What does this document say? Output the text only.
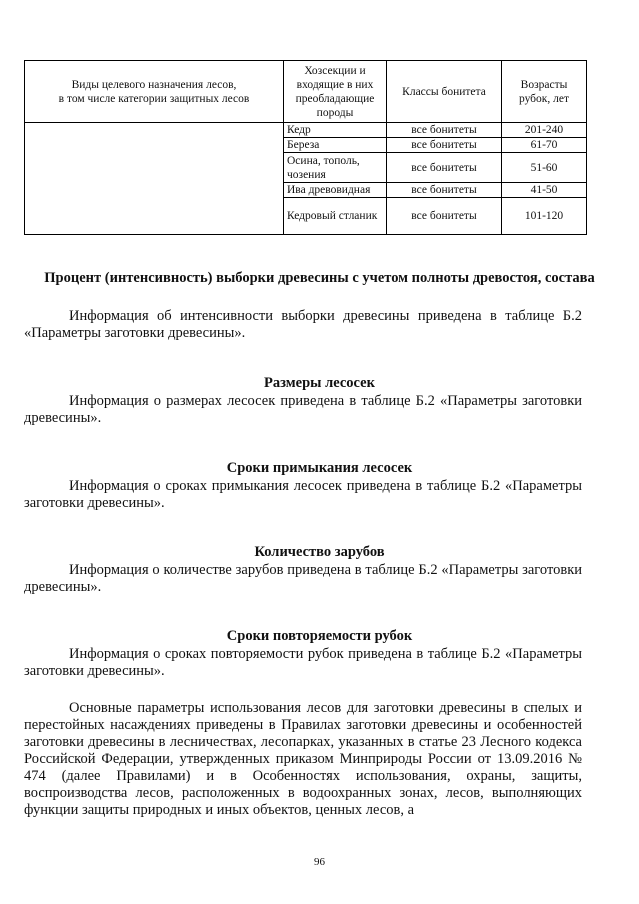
Виды целевого назначения лесов,
в том числе категории защитных лесов	Хозсекции и входящие в них преобладающие породы	Классы бонитета	Возрасты рубок, лет
	Кедр	все бонитеты	201-240
	Береза	все бонитеты	61-70
	Осина, тополь, чозения	все бонитеты	51-60
	Ива древовидная	все бонитеты	41-50
	Кедровый стланик	все бонитеты	101-120
Процент (интенсивность) выборки древесины с учетом полноты древостоя, состава

Информация об интенсивности выборки древесины приведена в таблице Б.2 «Параметры заготовки древесины».

Размеры лесосек

Информация о размерах лесосек приведена в таблице Б.2 «Параметры заготовки древесины».

Сроки примыкания лесосек

Информация о сроках примыкания лесосек приведена в таблице Б.2 «Параметры заготовки древесины».

Количество зарубов

Информация о количестве зарубов приведена в таблице Б.2 «Параметры заготовки древесины».

Сроки повторяемости рубок

Информация о сроках повторяемости рубок приведена в таблице Б.2 «Параметры заготовки древесины».

Основные параметры использования лесов для заготовки древесины в спелых и перестойных насаждениях приведены в Правилах заготовки древесины и особенностей заготовки древесины в лесничествах, лесопарках, указанных в статье 23 Лесного кодекса Российской Федерации, утвержденных приказом Минприроды России от 13.09.2016 № 474 (далее Правилами) и в Особенностях использования, охраны, защиты, воспроизводства лесов, расположенных в водоохранных зонах, лесов, выполняющих функции защиты природных и иных объектов, ценных лесов, а

96
